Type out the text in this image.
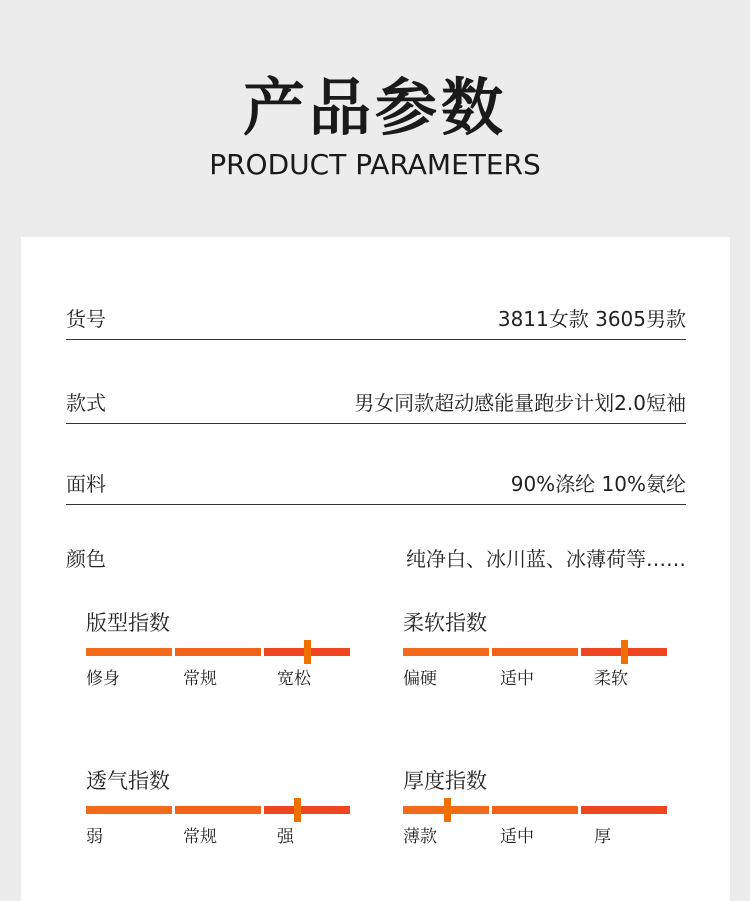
产品参数
PRODUCT PARAMETERS
货号	3811女款 3605男款
款式	男女同款超动感能量跑步计划2.0短袖
面料	90%涤纶 10%氨纶
颜色	纯净白、冰川蓝、冰薄荷等……
版型指数
修身	常规	宽松
柔软指数
偏硬	适中	柔软
透气指数
弱	常规	强
厚度指数
薄款	适中	厚
